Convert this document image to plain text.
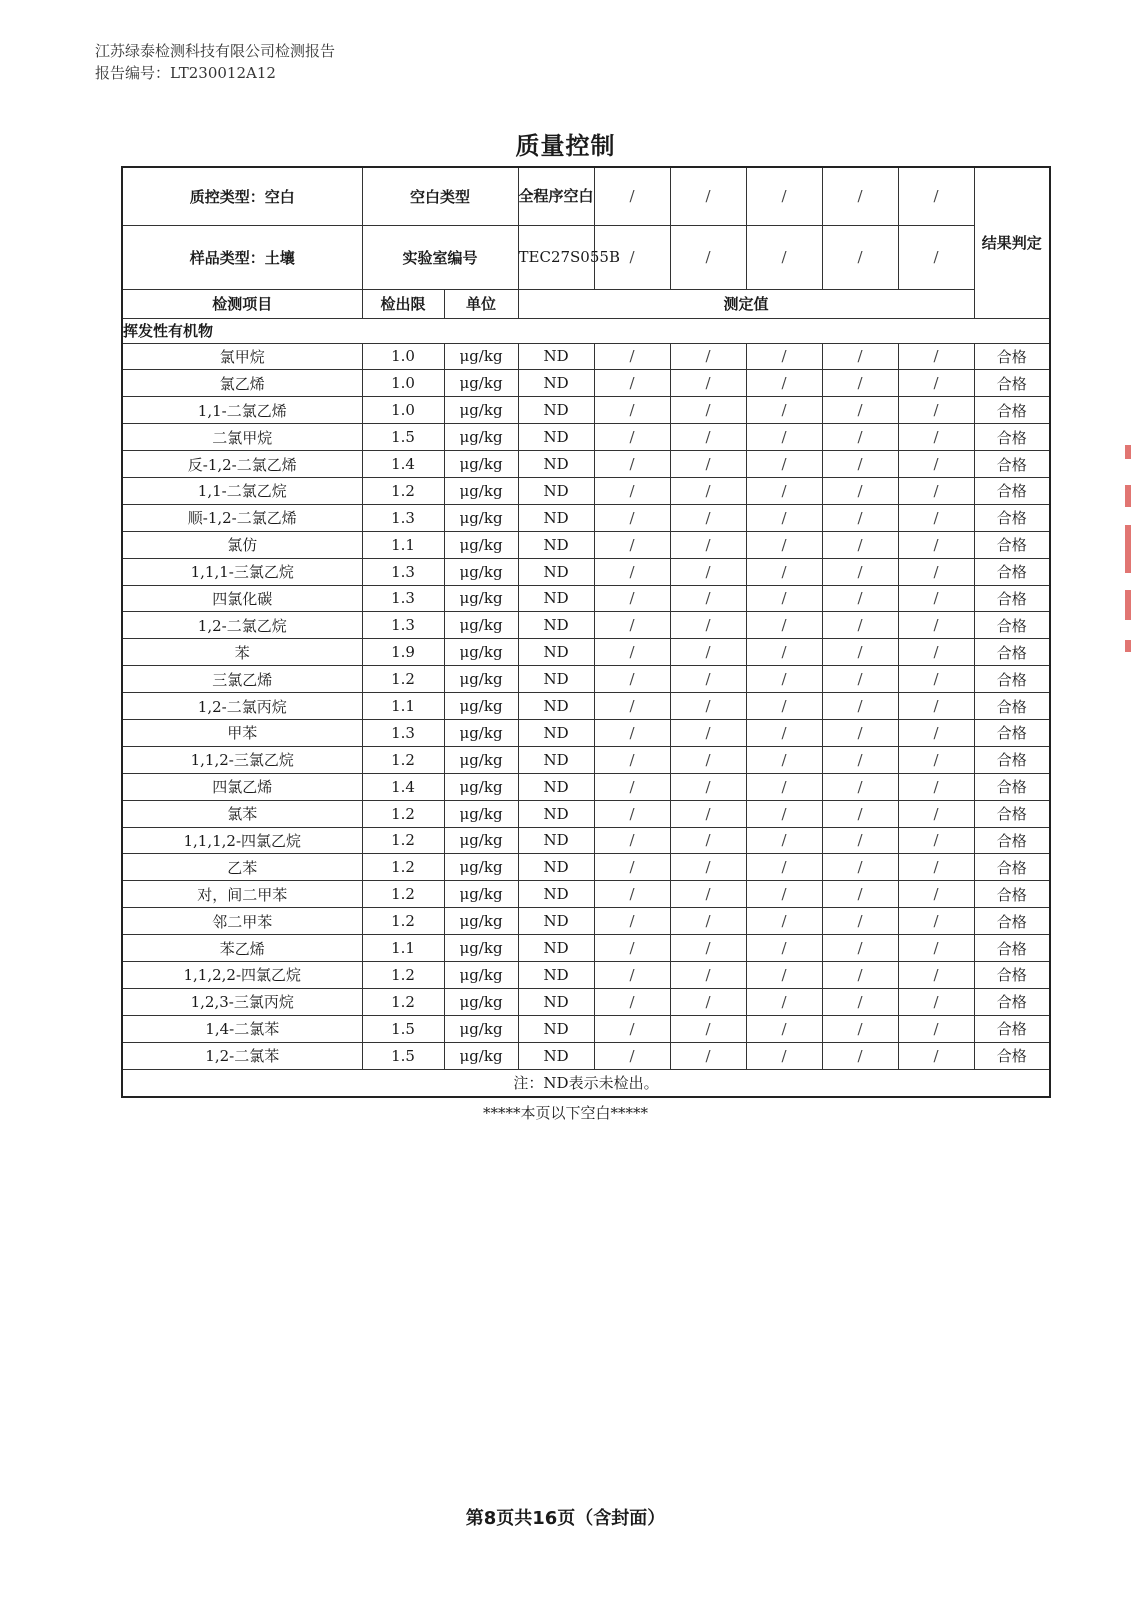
江苏绿泰检测科技有限公司检测报告
报告编号：LT230012A12
质量控制
质控类型：空白	空白类型		全程序空白	/	/	/	/	/	结果判定
样品类型：土壤	实验室编号		TEC27S055B	/	/	/	/	/	
检测项目	检出限	单位	测定值						
挥发性有机物									
氯甲烷	1.0	μg/kg	ND	/	/	/	/	/	合格
氯乙烯	1.0	μg/kg	ND	/	/	/	/	/	合格
1,1-二氯乙烯	1.0	μg/kg	ND	/	/	/	/	/	合格
二氯甲烷	1.5	μg/kg	ND	/	/	/	/	/	合格
反-1,2-二氯乙烯	1.4	μg/kg	ND	/	/	/	/	/	合格
1,1-二氯乙烷	1.2	μg/kg	ND	/	/	/	/	/	合格
顺-1,2-二氯乙烯	1.3	μg/kg	ND	/	/	/	/	/	合格
氯仿	1.1	μg/kg	ND	/	/	/	/	/	合格
1,1,1-三氯乙烷	1.3	μg/kg	ND	/	/	/	/	/	合格
四氯化碳	1.3	μg/kg	ND	/	/	/	/	/	合格
1,2-二氯乙烷	1.3	μg/kg	ND	/	/	/	/	/	合格
苯	1.9	μg/kg	ND	/	/	/	/	/	合格
三氯乙烯	1.2	μg/kg	ND	/	/	/	/	/	合格
1,2-二氯丙烷	1.1	μg/kg	ND	/	/	/	/	/	合格
甲苯	1.3	μg/kg	ND	/	/	/	/	/	合格
1,1,2-三氯乙烷	1.2	μg/kg	ND	/	/	/	/	/	合格
四氯乙烯	1.4	μg/kg	ND	/	/	/	/	/	合格
氯苯	1.2	μg/kg	ND	/	/	/	/	/	合格
1,1,1,2-四氯乙烷	1.2	μg/kg	ND	/	/	/	/	/	合格
乙苯	1.2	μg/kg	ND	/	/	/	/	/	合格
对，间二甲苯	1.2	μg/kg	ND	/	/	/	/	/	合格
邻二甲苯	1.2	μg/kg	ND	/	/	/	/	/	合格
苯乙烯	1.1	μg/kg	ND	/	/	/	/	/	合格
1,1,2,2-四氯乙烷	1.2	μg/kg	ND	/	/	/	/	/	合格
1,2,3-三氯丙烷	1.2	μg/kg	ND	/	/	/	/	/	合格
1,4-二氯苯	1.5	μg/kg	ND	/	/	/	/	/	合格
1,2-二氯苯	1.5	μg/kg	ND	/	/	/	/	/	合格
注：ND表示未检出。									
*****本页以下空白*****
第8页共16页（含封面）
